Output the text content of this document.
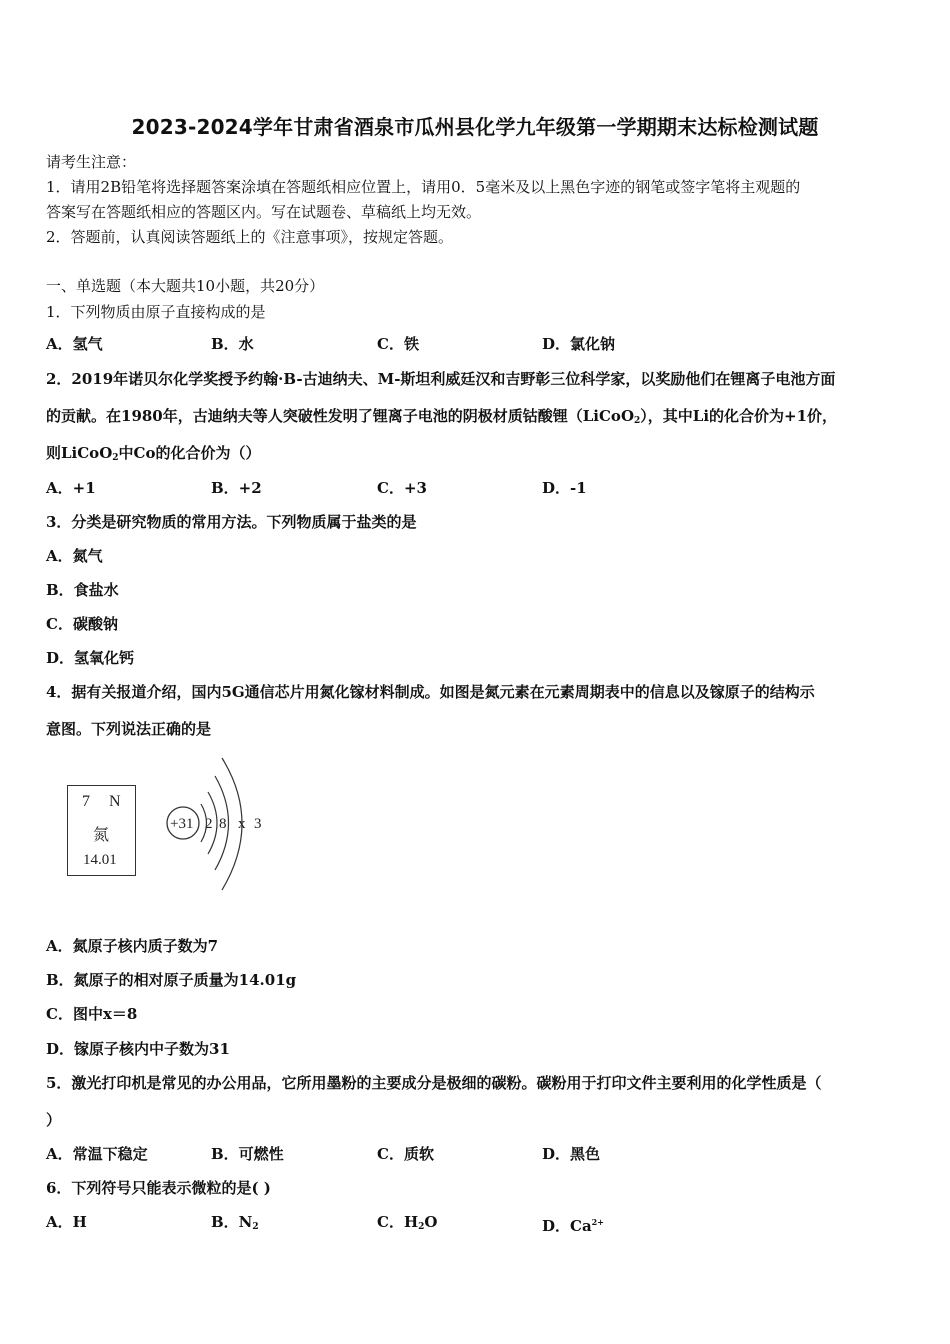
2023-2024学年甘肃省酒泉市瓜州县化学九年级第一学期期末达标检测试题
请考生注意：
1．请用2B铅笔将选择题答案涂填在答题纸相应位置上，请用0．5毫米及以上黑色字迹的钢笔或签字笔将主观题的
答案写在答题纸相应的答题区内。写在试题卷、草稿纸上均无效。
2．答题前，认真阅读答题纸上的《注意事项》，按规定答题。
一、单选题（本大题共10小题，共20分）
1．下列物质由原子直接构成的是
A．氢气	B．水	C．铁	D．氯化钠
2．2019年诺贝尔化学奖授予约翰·B-古迪纳夫、M-斯坦利威廷汉和吉野彰三位科学家，以奖励他们在锂离子电池方面
的贡献。在1980年，古迪纳夫等人突破性发明了锂离子电池的阴极材质钴酸锂（LiCoO$_2$），其中Li的化合价为+1价，
则LiCoO$_2$中Co的化合价为（）
A．+1	B．+2	C．+3	D．-1
3．分类是研究物质的常用方法。下列物质属于盐类的是
A．氮气
B．食盐水
C．碳酸钠
D．氢氧化钙
4．据有关报道介绍，国内5G通信芯片用氮化镓材料制成。如图是氮元素在元素周期表中的信息以及镓原子的结构示
意图。下列说法正确的是
7 N
氮
14.01
+31 2 8 x 3
A．氮原子核内质子数为7
B．氮原子的相对原子质量为14.01g
C．图中x＝8
D．镓原子核内中子数为31
5．激光打印机是常见的办公用品，它所用墨粉的主要成分是极细的碳粉。碳粉用于打印文件主要利用的化学性质是（
）
A．常温下稳定	B．可燃性	C．质软	D．黑色
6．下列符号只能表示微粒的是( )
A．H	B．$N_2$	C．$H_2O$	D．$Ca^{2+}$
